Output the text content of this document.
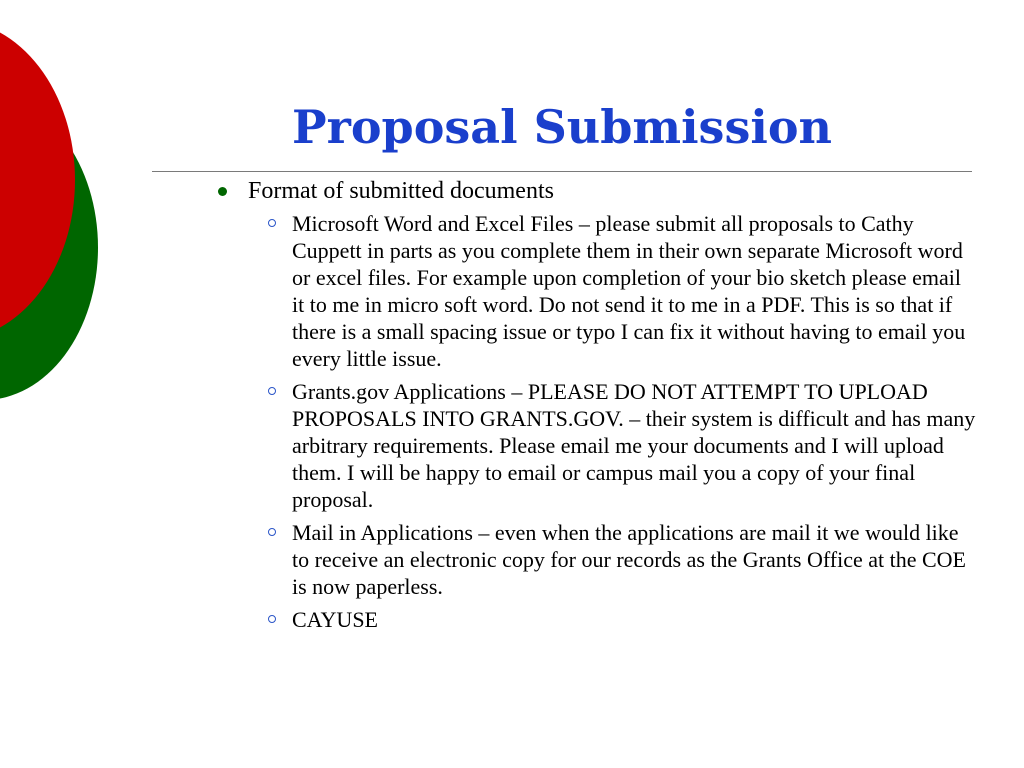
Proposal Submission
Format of submitted documents
Microsoft Word and Excel Files – please submit all proposals to Cathy Cuppett in parts as you complete them in their own separate Microsoft word or excel files. For example upon completion of your bio sketch please email it to me in micro soft word. Do not send it to me in a PDF. This is so that if there is a small spacing issue or typo I can fix it without having to email you every little issue.
Grants.gov Applications – PLEASE DO NOT ATTEMPT TO UPLOAD PROPOSALS INTO GRANTS.GOV. – their system is difficult and has many arbitrary requirements. Please email me your documents and I will upload them. I will be happy to email or campus mail you a copy of your final proposal.
Mail in Applications – even when the applications are mail it we would like to receive an electronic copy for our records as the Grants Office at the COE is now paperless.
CAYUSE
